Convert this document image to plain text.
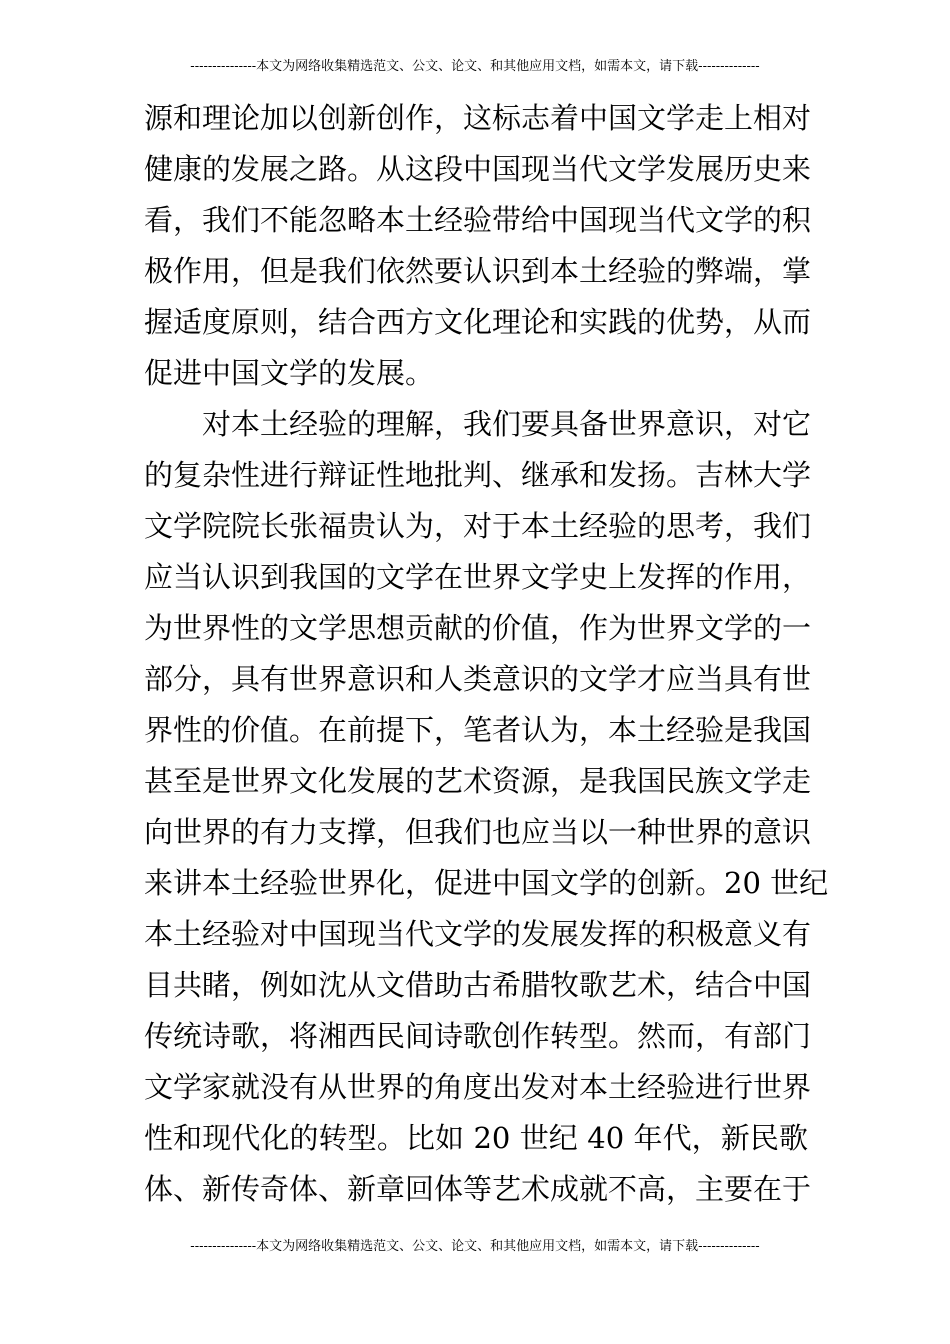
---------------本文为网络收集精选范文、公文、论文、和其他应用文档，如需本文，请下载--------------
源和理论加以创新创作，这标志着中国文学走上相对
健康的发展之路。从这段中国现当代文学发展历史来
看，我们不能忽略本土经验带给中国现当代文学的积
极作用，但是我们依然要认识到本土经验的弊端，掌
握适度原则，结合西方文化理论和实践的优势，从而
促进中国文学的发展。
对本土经验的理解，我们要具备世界意识，对它
的复杂性进行辩证性地批判、继承和发扬。吉林大学
文学院院长张福贵认为，对于本土经验的思考，我们
应当认识到我国的文学在世界文学史上发挥的作用，
为世界性的文学思想贡献的价值，作为世界文学的一
部分，具有世界意识和人类意识的文学才应当具有世
界性的价值。在前提下，笔者认为，本土经验是我国
甚至是世界文化发展的艺术资源，是我国民族文学走
向世界的有力支撑，但我们也应当以一种世界的意识
来讲本土经验世界化，促进中国文学的创新。20 世纪
本土经验对中国现当代文学的发展发挥的积极意义有
目共睹，例如沈从文借助古希腊牧歌艺术，结合中国
传统诗歌，将湘西民间诗歌创作转型。然而，有部门
文学家就没有从世界的角度出发对本土经验进行世界
性和现代化的转型。比如 20 世纪 40 年代，新民歌
体、新传奇体、新章回体等艺术成就不高，主要在于
---------------本文为网络收集精选范文、公文、论文、和其他应用文档，如需本文，请下载--------------
